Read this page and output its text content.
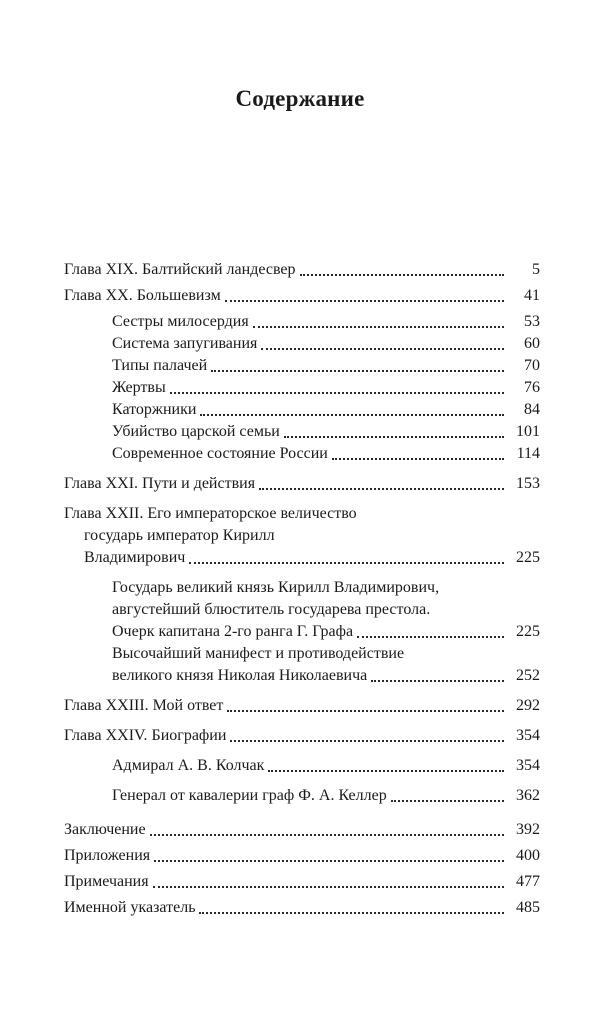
Содержание
Глава XIX. Балтийский ландесвер	5
Глава XX. Большевизм	41
Сестры милосердия	53
Система запугивания	60
Типы палачей	70
Жертвы	76
Каторжники	84
Убийство царской семьи	101
Современное состояние России	114
Глава XXI. Пути и действия	153
Глава XXII. Его императорское величество
государь император Кирилл
Владимирович	225
Государь великий князь Кирилл Владимирович,
августейший блюститель государева престола.
Очерк капитана 2-го ранга Г. Графа	225
Высочайший манифест и противодействие
великого князя Николая Николаевича	252
Глава XXIII. Мой ответ	292
Глава XXIV. Биографии	354
Адмирал А. В. Колчак	354
Генерал от кавалерии граф Ф. А. Келлер	362
Заключение	392
Приложения	400
Примечания	477
Именной указатель	485
